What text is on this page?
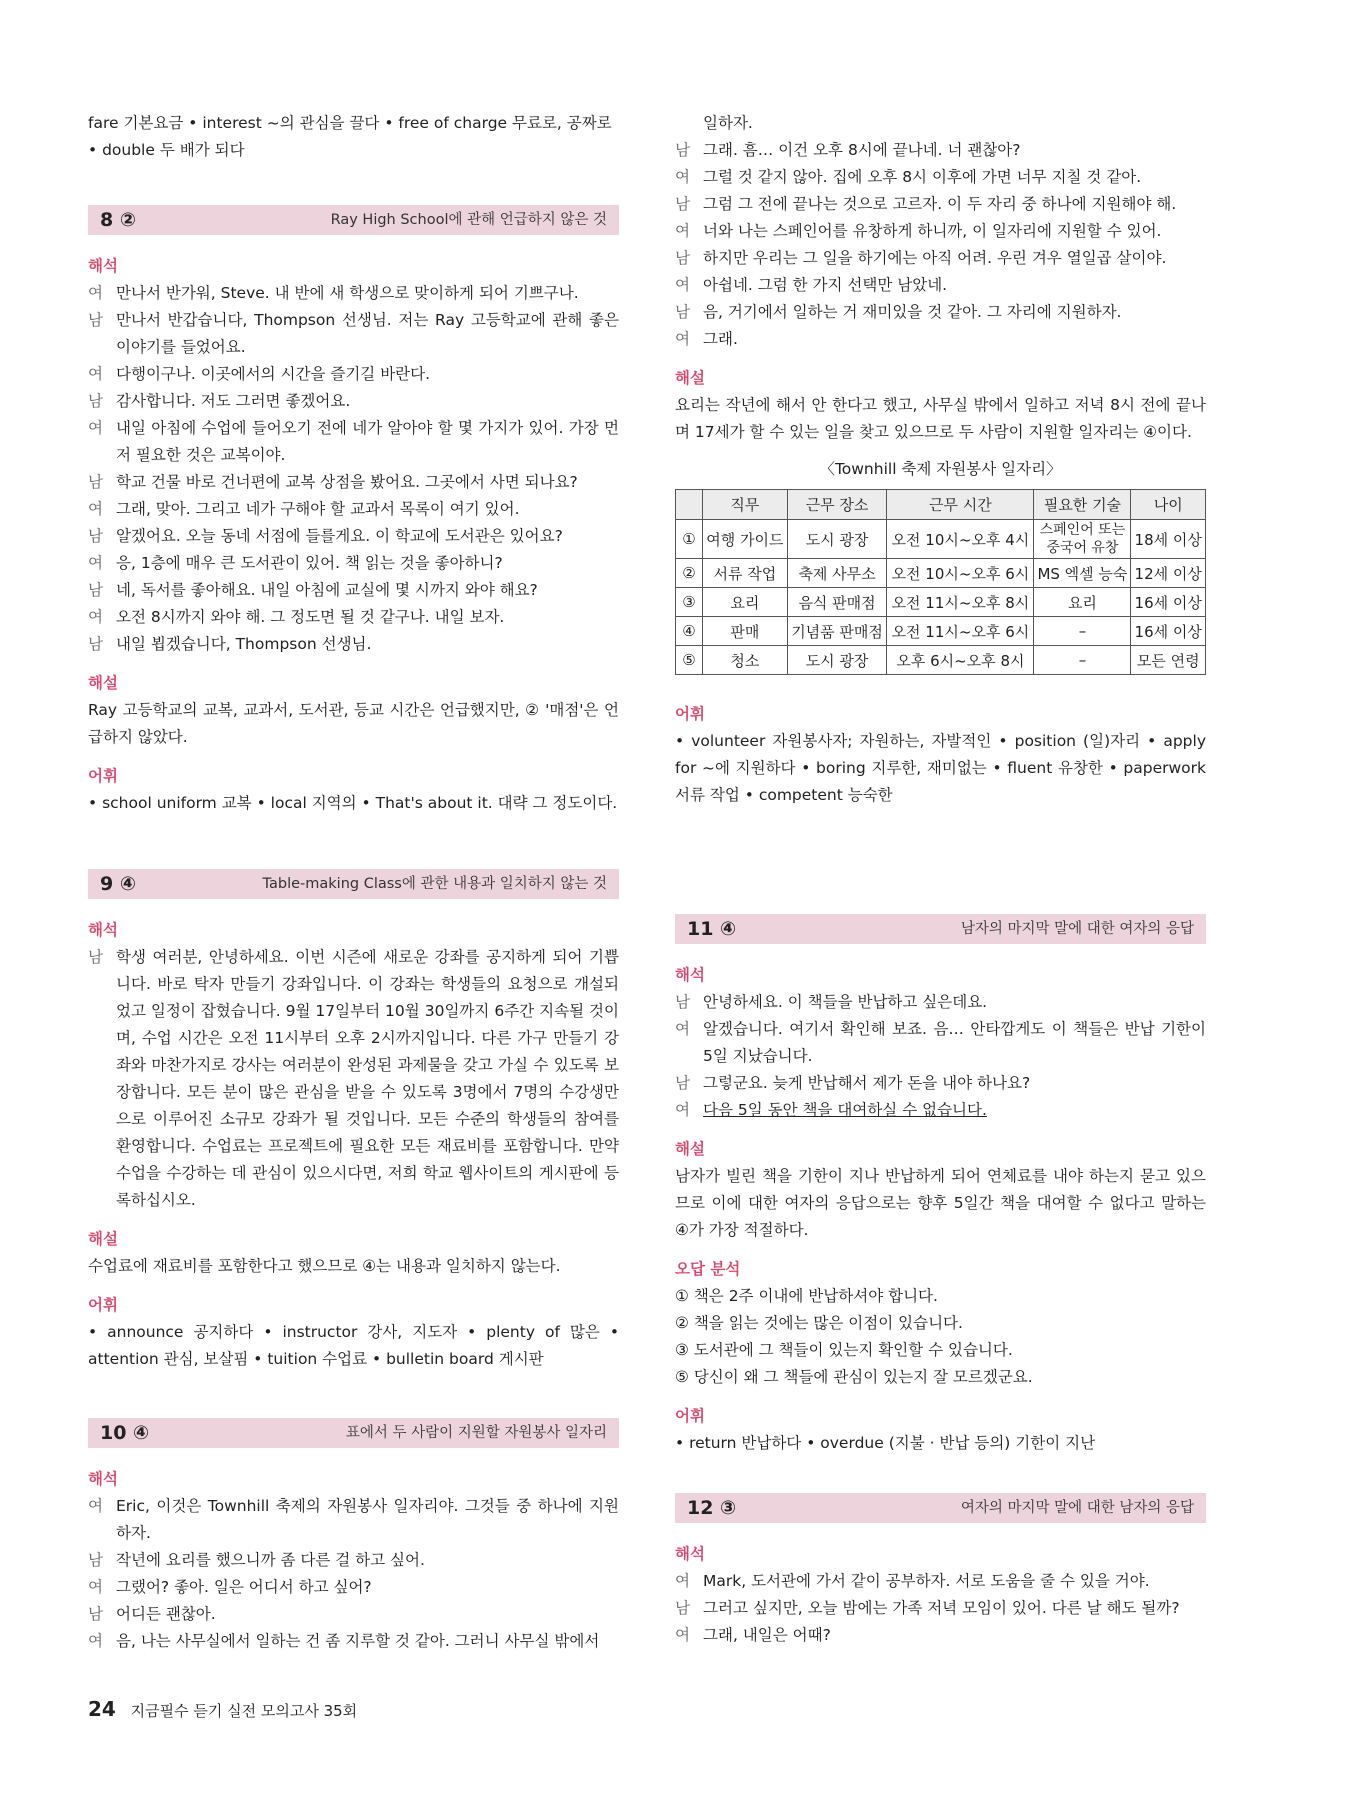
fare 기본요금 • interest ~의 관심을 끌다 • free of charge 무료로, 공짜로 • double 두 배가 되다

8 ②	Ray High School에 관해 언급하지 않은 것

해석

여 만나서 반가워, Steve. 내 반에 새 학생으로 맞이하게 되어 기쁘구나.
남 만나서 반갑습니다, Thompson 선생님. 저는 Ray 고등학교에 관해 좋은 이야기를 들었어요.
여 다행이구나. 이곳에서의 시간을 즐기길 바란다.
남 감사합니다. 저도 그러면 좋겠어요.
여 내일 아침에 수업에 들어오기 전에 네가 알아야 할 몇 가지가 있어. 가장 먼저 필요한 것은 교복이야.
남 학교 건물 바로 건너편에 교복 상점을 봤어요. 그곳에서 사면 되나요?
여 그래, 맞아. 그리고 네가 구해야 할 교과서 목록이 여기 있어.
남 알겠어요. 오늘 동네 서점에 들를게요. 이 학교에 도서관은 있어요?
여 응, 1층에 매우 큰 도서관이 있어. 책 읽는 것을 좋아하니?
남 네, 독서를 좋아해요. 내일 아침에 교실에 몇 시까지 와야 해요?
여 오전 8시까지 와야 해. 그 정도면 될 것 같구나. 내일 보자.
남 내일 뵙겠습니다, Thompson 선생님.

해설

Ray 고등학교의 교복, 교과서, 도서관, 등교 시간은 언급했지만, ② '매점'은 언급하지 않았다.

어휘

• school uniform 교복 • local 지역의 • That's about it. 대략 그 정도이다.

9 ④	Table-making Class에 관한 내용과 일치하지 않는 것

해석

남 학생 여러분, 안녕하세요. 이번 시즌에 새로운 강좌를 공지하게 되어 기쁩니다. 바로 탁자 만들기 강좌입니다. 이 강좌는 학생들의 요청으로 개설되었고 일정이 잡혔습니다. 9월 17일부터 10월 30일까지 6주간 지속될 것이며, 수업 시간은 오전 11시부터 오후 2시까지입니다. 다른 가구 만들기 강좌와 마찬가지로 강사는 여러분이 완성된 과제물을 갖고 가실 수 있도록 보장합니다. 모든 분이 많은 관심을 받을 수 있도록 3명에서 7명의 수강생만으로 이루어진 소규모 강좌가 될 것입니다. 모든 수준의 학생들의 참여를 환영합니다. 수업료는 프로젝트에 필요한 모든 재료비를 포함합니다. 만약 수업을 수강하는 데 관심이 있으시다면, 저희 학교 웹사이트의 게시판에 등록하십시오.

해설

수업료에 재료비를 포함한다고 했으므로 ④는 내용과 일치하지 않는다.

어휘

• announce 공지하다 • instructor 강사, 지도자 • plenty of 많은 • attention 관심, 보살핌 • tuition 수업료 • bulletin board 게시판

10 ④	표에서 두 사람이 지원할 자원봉사 일자리

해석

여 Eric, 이것은 Townhill 축제의 자원봉사 일자리야. 그것들 중 하나에 지원하자.
남 작년에 요리를 했으니까 좀 다른 걸 하고 싶어.
여 그랬어? 좋아. 일은 어디서 하고 싶어?
남 어디든 괜찮아.
여 음, 나는 사무실에서 일하는 건 좀 지루할 것 같아. 그러니 사무실 밖에서
일하자.
남 그래. 흠… 이건 오후 8시에 끝나네. 너 괜찮아?
여 그럴 것 같지 않아. 집에 오후 8시 이후에 가면 너무 지칠 것 같아.
남 그럼 그 전에 끝나는 것으로 고르자. 이 두 자리 중 하나에 지원해야 해.
여 너와 나는 스페인어를 유창하게 하니까, 이 일자리에 지원할 수 있어.
남 하지만 우리는 그 일을 하기에는 아직 어려. 우린 겨우 열일곱 살이야.
여 아쉽네. 그럼 한 가지 선택만 남았네.
남 음, 거기에서 일하는 거 재미있을 것 같아. 그 자리에 지원하자.
여 그래.

해설

요리는 작년에 해서 안 한다고 했고, 사무실 밖에서 일하고 저녁 8시 전에 끝나며 17세가 할 수 있는 일을 찾고 있으므로 두 사람이 지원할 일자리는 ④이다.

〈Townhill 축제 자원봉사 일자리〉
	직무	근무 장소	근무 시간	필요한 기술	나이
①	여행 가이드	도시 광장	오전 10시~오후 4시	스페인어 또는 중국어 유창	18세 이상
②	서류 작업	축제 사무소	오전 10시~오후 6시	MS 엑셀 능숙	12세 이상
③	요리	음식 판매점	오전 11시~오후 8시	요리	16세 이상
④	판매	기념품 판매점	오전 11시~오후 6시	–	16세 이상
⑤	청소	도시 광장	오후 6시~오후 8시	–	모든 연령

어휘

• volunteer 자원봉사자; 자원하는, 자발적인 • position (일)자리 • apply for ~에 지원하다 • boring 지루한, 재미없는 • fluent 유창한 • paperwork 서류 작업 • competent 능숙한

11 ④	남자의 마지막 말에 대한 여자의 응답

해석

남 안녕하세요. 이 책들을 반납하고 싶은데요.
여 알겠습니다. 여기서 확인해 보죠. 음… 안타깝게도 이 책들은 반납 기한이 5일 지났습니다.
남 그렇군요. 늦게 반납해서 제가 돈을 내야 하나요?
여 다음 5일 동안 책을 대여하실 수 없습니다.

해설

남자가 빌린 책을 기한이 지나 반납하게 되어 연체료를 내야 하는지 묻고 있으므로 이에 대한 여자의 응답으로는 향후 5일간 책을 대여할 수 없다고 말하는 ④가 가장 적절하다.

오답 분석

① 책은 2주 이내에 반납하셔야 합니다.
② 책을 읽는 것에는 많은 이점이 있습니다.
③ 도서관에 그 책들이 있는지 확인할 수 있습니다.
⑤ 당신이 왜 그 책들에 관심이 있는지 잘 모르겠군요.

어휘

• return 반납하다 • overdue (지불 · 반납 등의) 기한이 지난

12 ③	여자의 마지막 말에 대한 남자의 응답

해석

여 Mark, 도서관에 가서 같이 공부하자. 서로 도움을 줄 수 있을 거야.
남 그러고 싶지만, 오늘 밤에는 가족 저녁 모임이 있어. 다른 날 해도 될까?
여 그래, 내일은 어때?
24 지금필수 듣기 실전 모의고사 35회
